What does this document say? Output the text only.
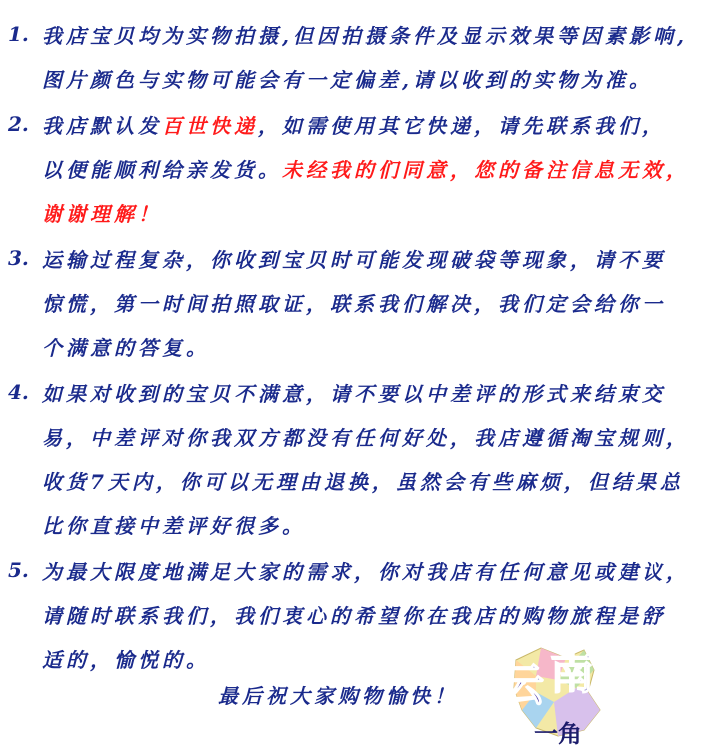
1. 我店宝贝均为实物拍摄,但因拍摄条件及显示效果等因素影响,
图片颜色与实物可能会有一定偏差,请以收到的实物为准。
2. 我店默认发百世快递，如需使用其它快递，请先联系我们，
以便能顺利给亲发货。未经我的们同意，您的备注信息无效，
谢谢理解！
3. 运输过程复杂，你收到宝贝时可能发现破袋等现象，请不要
惊慌，第一时间拍照取证，联系我们解决，我们定会给你一
个满意的答复。
4. 如果对收到的宝贝不满意，请不要以中差评的形式来结束交
易，中差评对你我双方都没有任何好处，我店遵循淘宝规则，
收货7天内，你可以无理由退换，虽然会有些麻烦，但结果总
比你直接中差评好很多。
5. 为最大限度地满足大家的需求，你对我店有任何意见或建议，
请随时联系我们，我们衷心的希望你在我店的购物旅程是舒
适的，愉悦的。
最后祝大家购物愉快！ 云 南
一角
